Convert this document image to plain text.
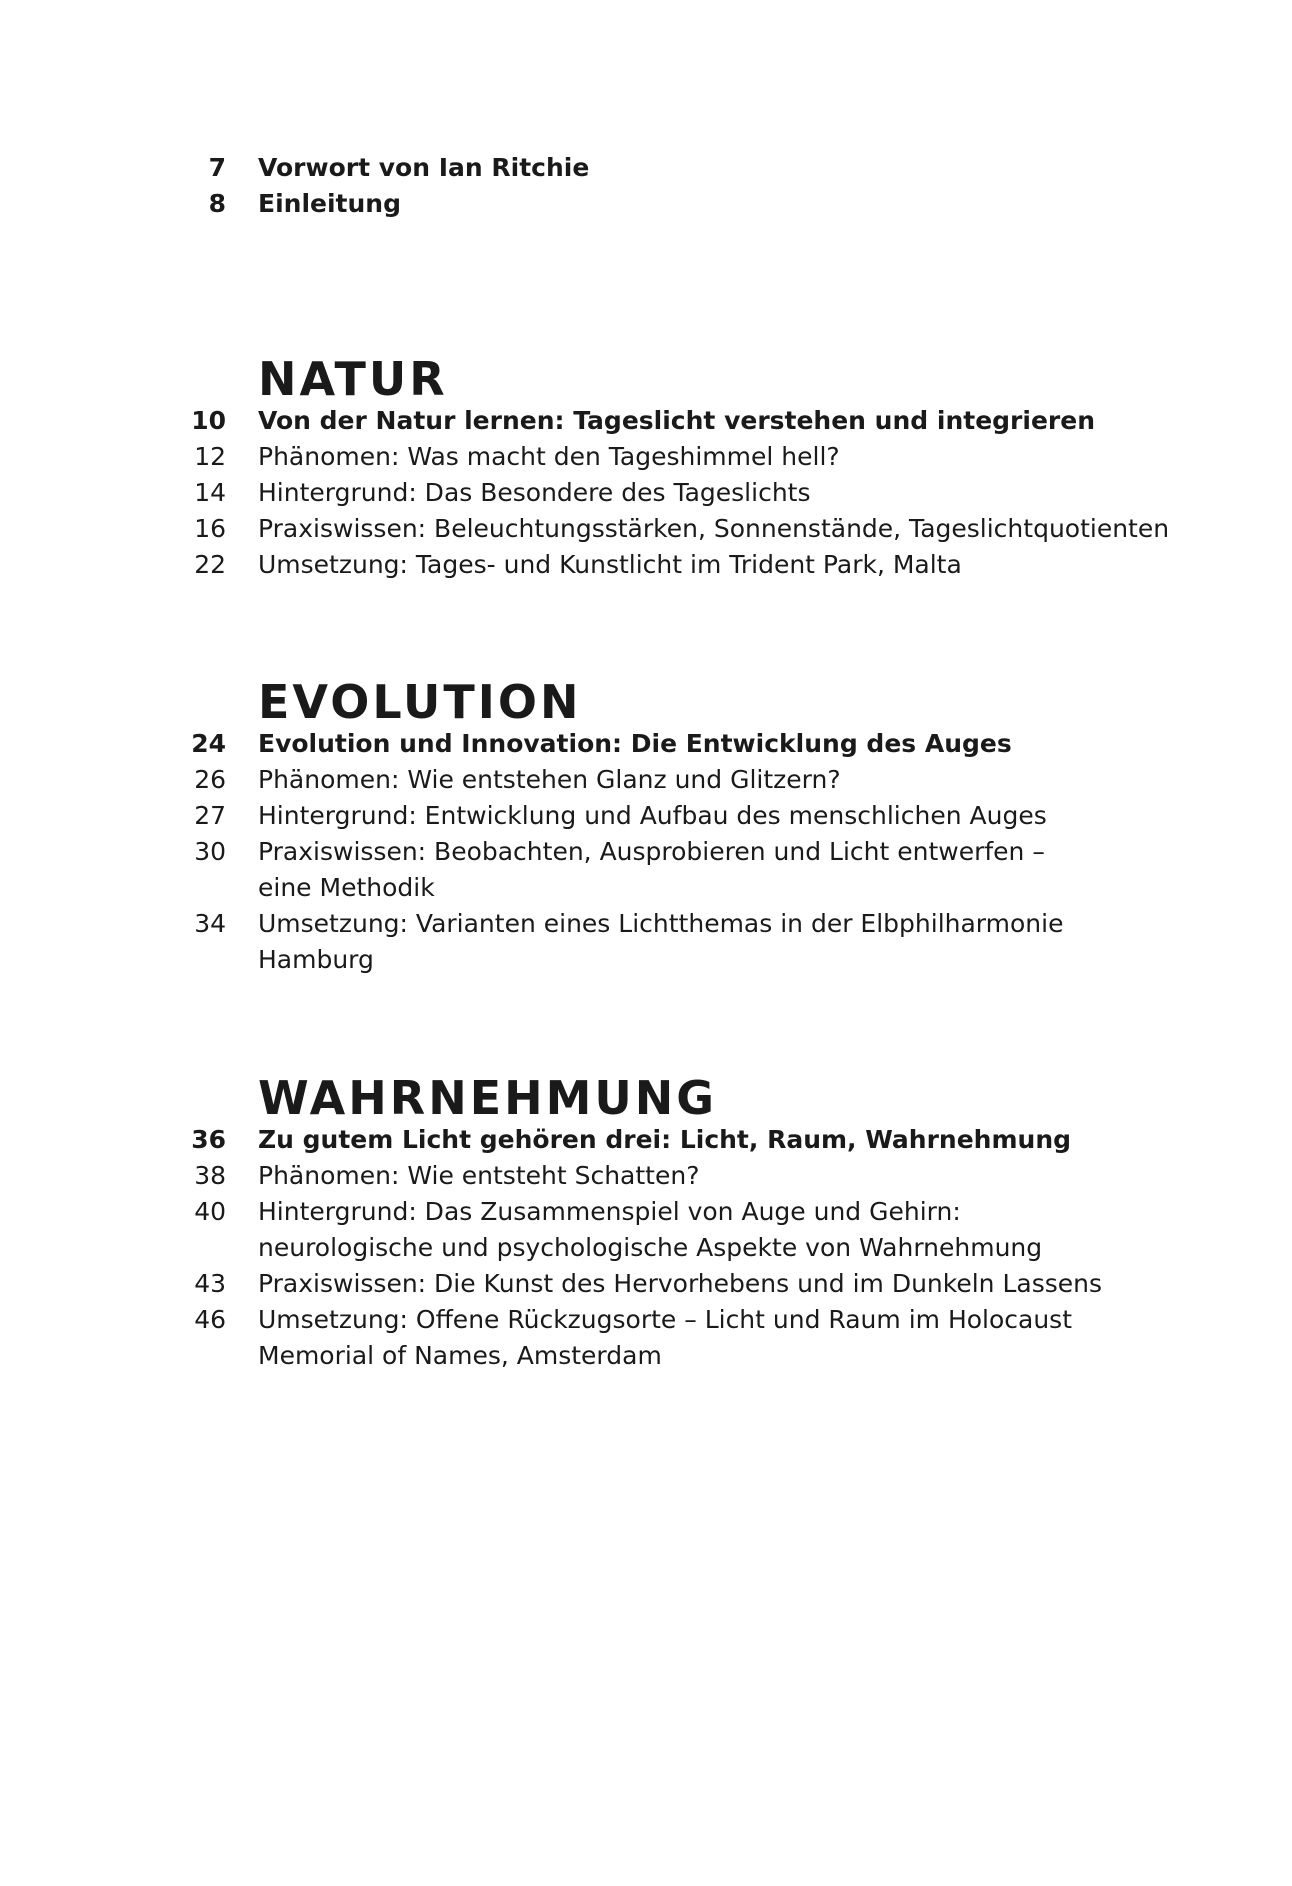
7 Vorwort von Ian Ritchie
8 Einleitung
NATUR
10 Von der Natur lernen: Tageslicht verstehen und integrieren
12 Phänomen: Was macht den Tageshimmel hell?
14 Hintergrund: Das Besondere des Tageslichts
16 Praxiswissen: Beleuchtungsstärken, Sonnenstände, Tageslichtquotienten
22 Umsetzung: Tages- und Kunstlicht im Trident Park, Malta
EVOLUTION
24 Evolution und Innovation: Die Entwicklung des Auges
26 Phänomen: Wie entstehen Glanz und Glitzern?
27 Hintergrund: Entwicklung und Aufbau des menschlichen Auges
30 Praxiswissen: Beobachten, Ausprobieren und Licht entwerfen –
eine Methodik
34 Umsetzung: Varianten eines Lichtthemas in der Elbphilharmonie
Hamburg
WAHRNEHMUNG
36 Zu gutem Licht gehören drei: Licht, Raum, Wahrnehmung
38 Phänomen: Wie entsteht Schatten?
40 Hintergrund: Das Zusammenspiel von Auge und Gehirn:
neurologische und psychologische Aspekte von Wahrnehmung
43 Praxiswissen: Die Kunst des Hervorhebens und im Dunkeln Lassens
46 Umsetzung: Offene Rückzugsorte – Licht und Raum im Holocaust
Memorial of Names, Amsterdam
